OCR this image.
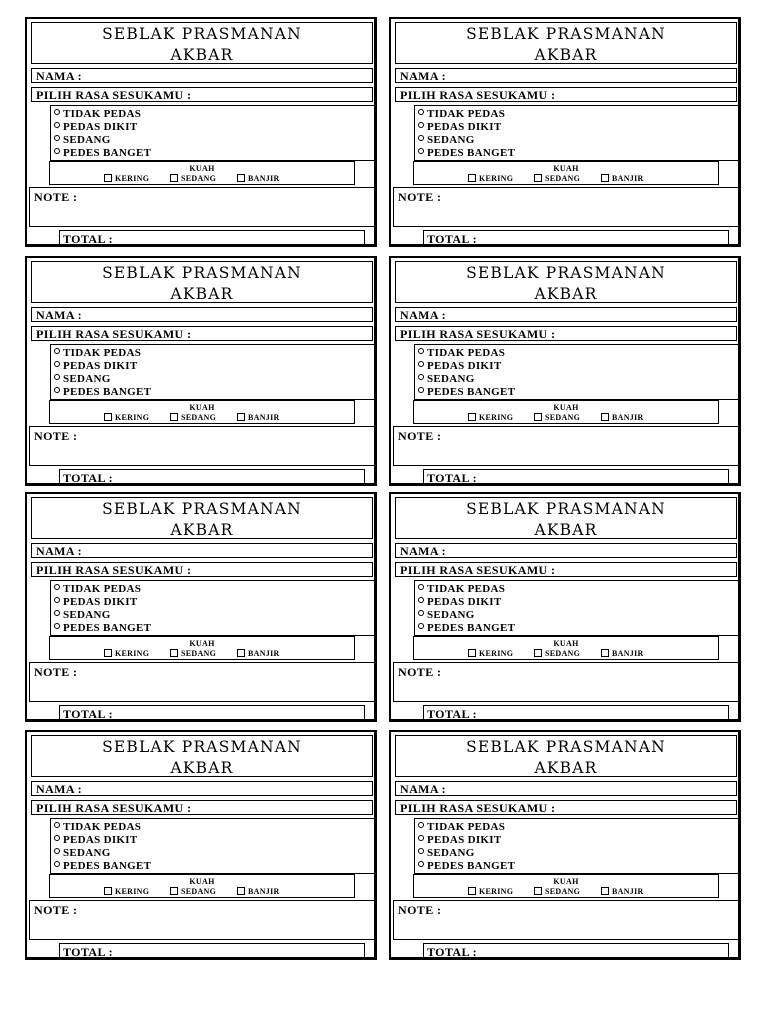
SEBLAK PRASMANAN
AKBAR
NAMA :
PILIH RASA SESUKAMU :
TIDAK PEDAS
PEDAS DIKIT
SEDANG
PEDES BANGET
KUAH
KERING	SEDANG	BANJIR
NOTE :
TOTAL :
SEBLAK PRASMANAN
AKBAR
NAMA :
PILIH RASA SESUKAMU :
TIDAK PEDAS
PEDAS DIKIT
SEDANG
PEDES BANGET
KUAH
KERING	SEDANG	BANJIR
NOTE :
TOTAL :
SEBLAK PRASMANAN
AKBAR
NAMA :
PILIH RASA SESUKAMU :
TIDAK PEDAS
PEDAS DIKIT
SEDANG
PEDES BANGET
KUAH
KERING	SEDANG	BANJIR
NOTE :
TOTAL :
SEBLAK PRASMANAN
AKBAR
NAMA :
PILIH RASA SESUKAMU :
TIDAK PEDAS
PEDAS DIKIT
SEDANG
PEDES BANGET
KUAH
KERING	SEDANG	BANJIR
NOTE :
TOTAL :
SEBLAK PRASMANAN
AKBAR
NAMA :
PILIH RASA SESUKAMU :
TIDAK PEDAS
PEDAS DIKIT
SEDANG
PEDES BANGET
KUAH
KERING	SEDANG	BANJIR
NOTE :
TOTAL :
SEBLAK PRASMANAN
AKBAR
NAMA :
PILIH RASA SESUKAMU :
TIDAK PEDAS
PEDAS DIKIT
SEDANG
PEDES BANGET
KUAH
KERING	SEDANG	BANJIR
NOTE :
TOTAL :
SEBLAK PRASMANAN
AKBAR
NAMA :
PILIH RASA SESUKAMU :
TIDAK PEDAS
PEDAS DIKIT
SEDANG
PEDES BANGET
KUAH
KERING	SEDANG	BANJIR
NOTE :
TOTAL :
SEBLAK PRASMANAN
AKBAR
NAMA :
PILIH RASA SESUKAMU :
TIDAK PEDAS
PEDAS DIKIT
SEDANG
PEDES BANGET
KUAH
KERING	SEDANG	BANJIR
NOTE :
TOTAL :
